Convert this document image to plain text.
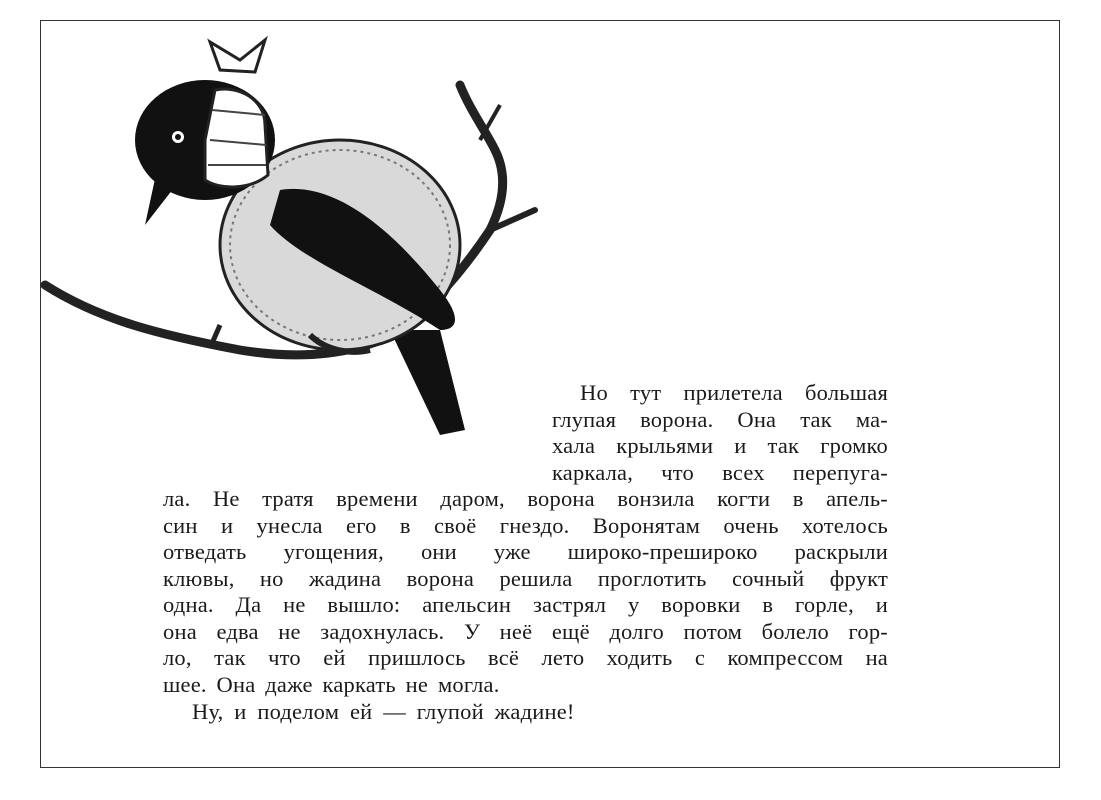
Но тут прилетела большая
глупая ворона. Она так ма-
хала крыльями и так громко
каркала, что всех перепуга-
ла. Не тратя времени даром, ворона вонзила когти в апель-
син и унесла его в своё гнездо. Воронятам очень хотелось
отведать угощения, они уже широко-прешироко раскрыли
клювы, но жадина ворона решила проглотить сочный фрукт
одна. Да не вышло: апельсин застрял у воровки в горле, и
она едва не задохнулась. У неё ещё долго потом болело гор-
ло, так что ей пришлось всё лето ходить с компрессом на
шее. Она даже каркать не могла.
Ну, и поделом ей — глупой жадине!
